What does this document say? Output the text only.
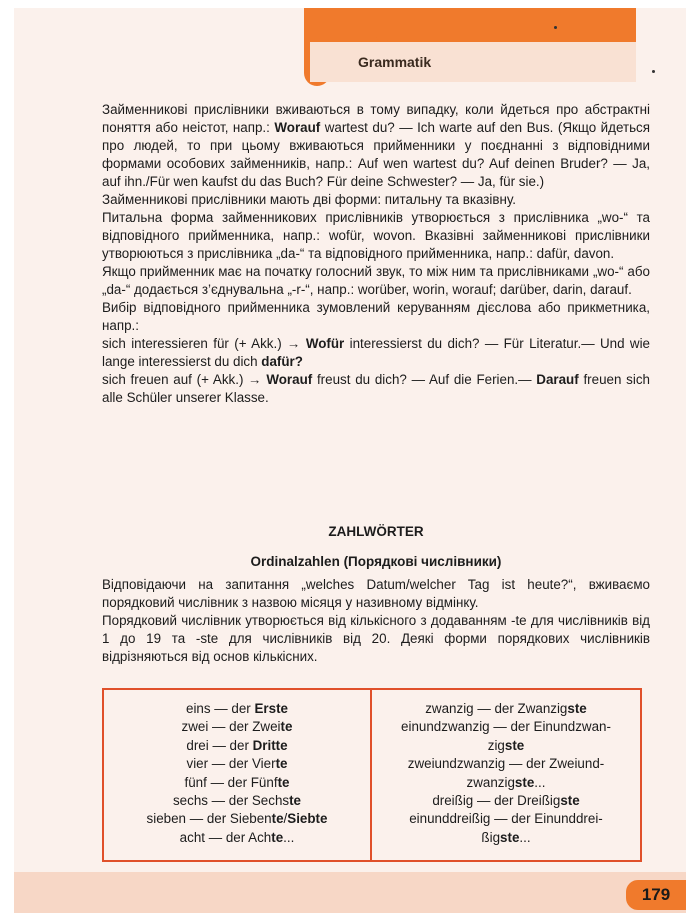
Grammatik

Займенникові прислівники вживаються в тому випадку, коли йдеться про абстрактні поняття або неістот, напр.: Worauf wartest du? — Ich warte auf den Bus. (Якщо йдеться про людей, то при цьому вживаються прийменники у поєднанні з відповідними формами особових займенників, напр.: Auf wen wartest du? Auf deinen Bruder? — Ja, auf ihn./Für wen kaufst du das Buch? Für deine Schwester? — Ja, für sie.)

Займенникові прислівники мають дві форми: питальну та вказівну.

Питальна форма займенникових прислівників утворюється з прислівника „wo-“ та відповідного прийменника, напр.: wofür, wovon. Вказівні займенникові прислівники утворюються з прислівника „da-“ та відповідного прийменника, напр.: dafür, davon.

Якщо прийменник має на початку голосний звук, то між ним та прислівниками „wo-“ або „da-“ додається з’єднувальна „-r-“, напр.: worüber, worin, worauf; darüber, darin, darauf.

Вибір відповідного прийменника зумовлений керуванням дієслова або прикметника, напр.:

sich interessieren für (+ Akk.) → Wofür interessierst du dich? — Für Literatur.— Und wie lange interessierst du dich dafür?

sich freuen auf (+ Akk.) → Worauf freust du dich? — Auf die Ferien.— Darauf freuen sich alle Schüler unserer Klasse.

ZAHLWÖRTER
Ordinalzahlen (Порядкові числівники)

Відповідаючи на запитання „welches Datum/welcher Tag ist heute?“, вживаємо порядковий числівник з назвою місяця у називному відмінку.

Порядковий числівник утворюється від кількісного з додаванням -te для числівників від 1 до 19 та -ste для числівників від 20. Деякі форми порядкових числівників відрізняються від основ кількісних.

eins — der Erste
zwei — der Zweite
drei — der Dritte
vier — der Vierte
fünf — der Fünfte
sechs — der Sechste
sieben — der Siebente/Siebte
acht — der Achte...
zwanzig — der Zwanzigste
einundzwanzig — der Einundzwan-
zigste
zweiundzwanzig — der Zweiund-
zwanzigste...
dreißig — der Dreißigste
einunddreißig — der Einunddrei-
ßigste...
179
